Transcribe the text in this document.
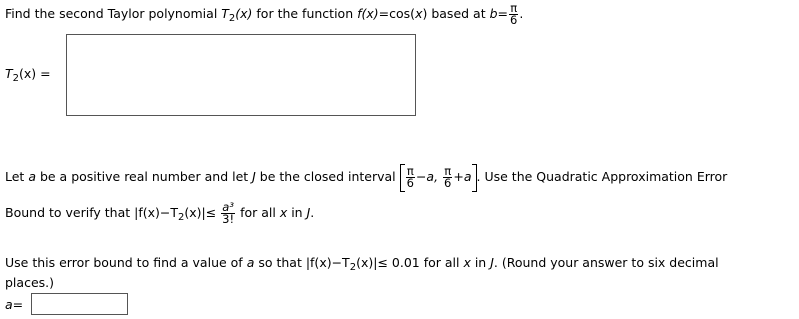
Find the second Taylor polynomial $T_2(x)$ for the function f(x)=cos(x) based at $b= \frac{\pi}{6}$ .
$T_2(x)$ =
Let a be a positive real number and let J be the closed interval $\frac{\pi}{6} -a$, $\frac{\pi}{6} +a$ . Use the Quadratic Approximation Error
Bound to verify that $|f(x)-T_2(x)|\le \frac{\text{a³}}{3!}$ for all x in J.
Use this error bound to find a value of a so that $|f(x)-T_2(x)|\le 0.01$ for all x in J. (Round your answer to six decimal
places.)
a=
